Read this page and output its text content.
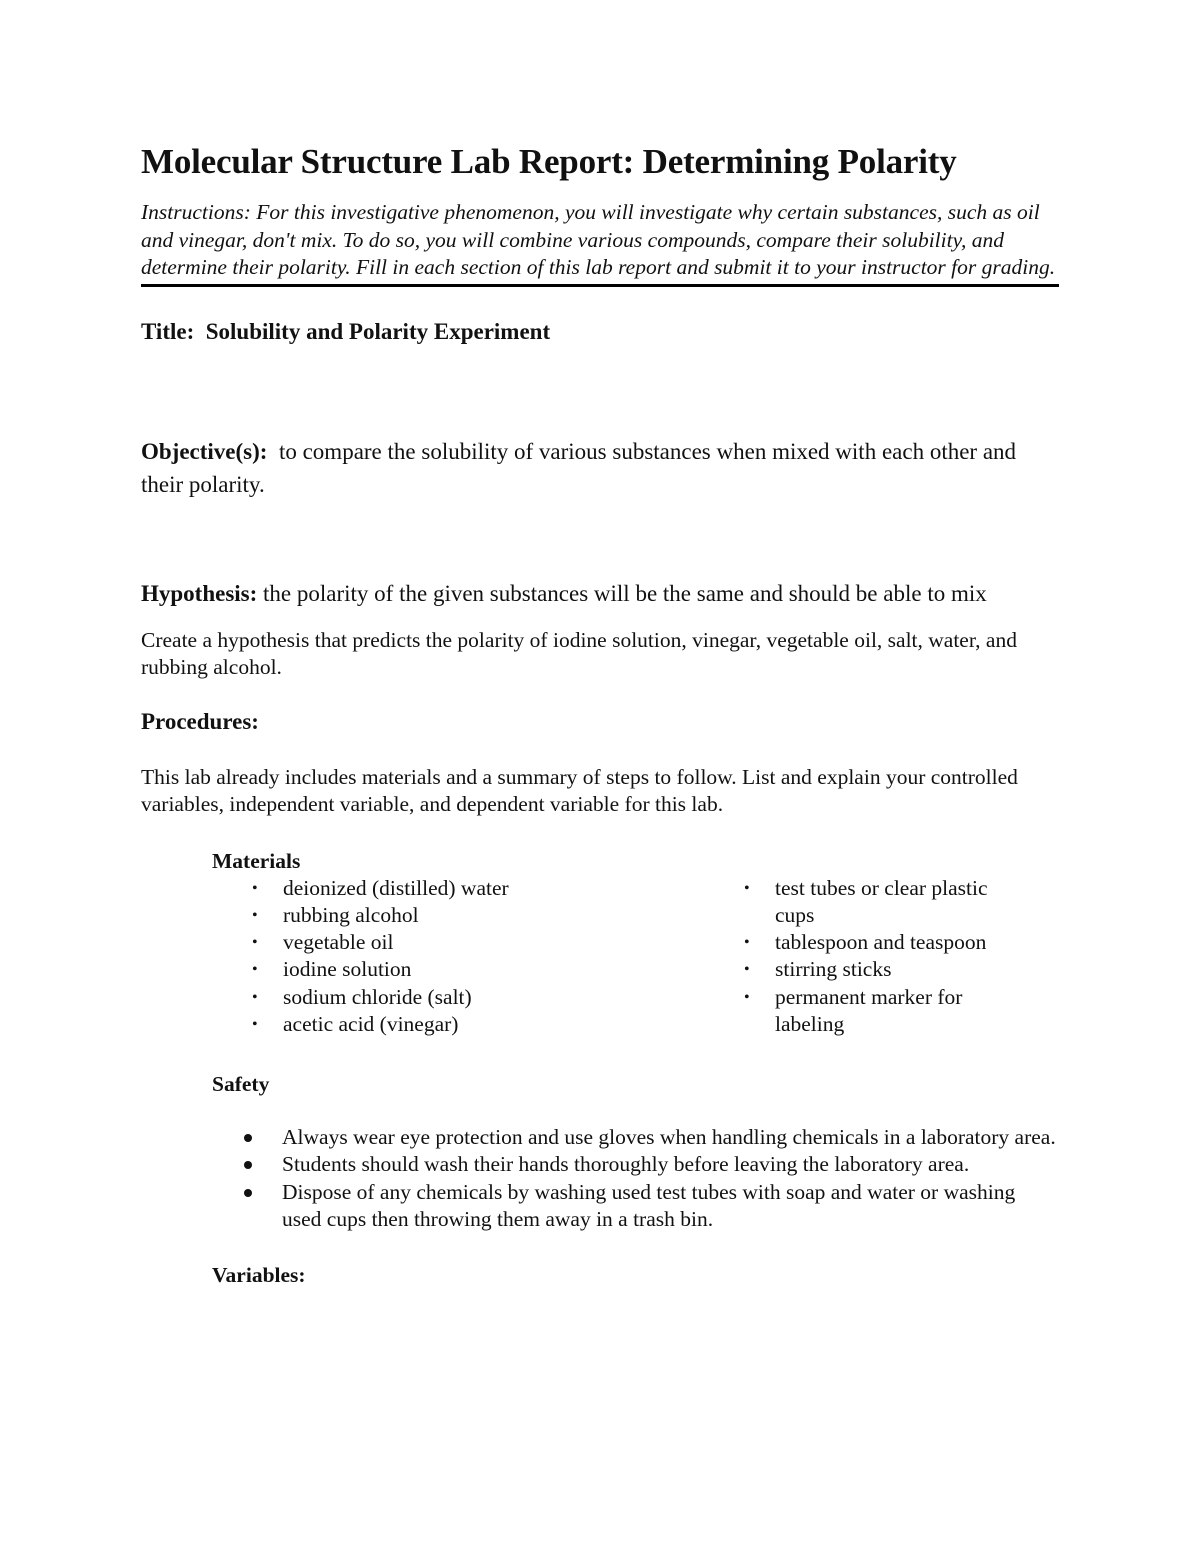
Molecular Structure Lab Report: Determining Polarity
Instructions: For this investigative phenomenon, you will investigate why certain substances, such as oil and vinegar, don't mix. To do so, you will combine various compounds, compare their solubility, and determine their polarity. Fill in each section of this lab report and submit it to your instructor for grading.
Title: Solubility and Polarity Experiment
Objective(s): to compare the solubility of various substances when mixed with each other and their polarity.
Hypothesis: the polarity of the given substances will be the same and should be able to mix
Create a hypothesis that predicts the polarity of iodine solution, vinegar, vegetable oil, salt, water, and rubbing alcohol.
Procedures:
This lab already includes materials and a summary of steps to follow. List and explain your controlled variables, independent variable, and dependent variable for this lab.
Materials
• deionized (distilled) water
• rubbing alcohol
• vegetable oil
• iodine solution
• sodium chloride (salt)
• acetic acid (vinegar)
• test tubes or clear plastic cups
• tablespoon and teaspoon
• stirring sticks
• permanent marker for labeling
Safety
Always wear eye protection and use gloves when handling chemicals in a laboratory area.
Students should wash their hands thoroughly before leaving the laboratory area.
Dispose of any chemicals by washing used test tubes with soap and water or washing used cups then throwing them away in a trash bin.
Variables:
